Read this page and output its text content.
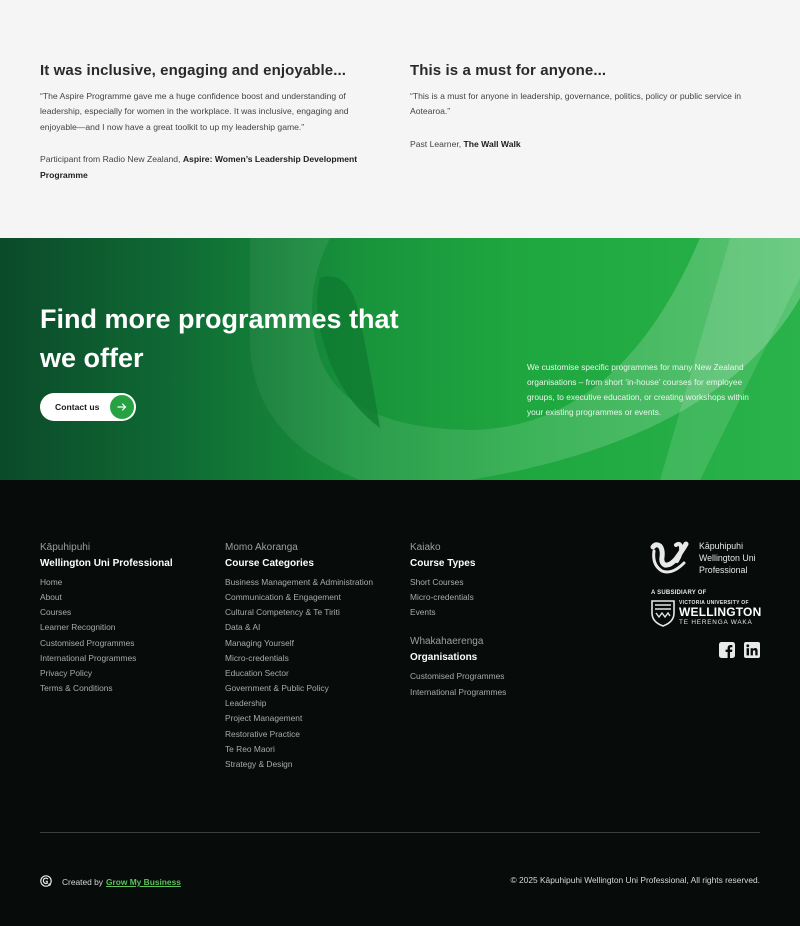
It was inclusive, engaging and enjoyable...

“The Aspire Programme gave me a huge confidence boost and understanding of leadership, especially for women in the workplace. It was inclusive, engaging and enjoyable—and I now have a great toolkit to up my leadership game.”

Participant from Radio New Zealand, Aspire: Women’s Leadership Development Programme

This is a must for anyone...

“This is a must for anyone in leadership, governance, politics, policy or public service in Aotearoa.”

Past Learner, The Wall Walk

Find more programmes that we offer
Contact us

We customise specific programmes for many New Zealand organisations – from short ‘in-house’ courses for employee groups, to executive education, or creating workshops within your existing programmes or events.

Kāpuhipuhi
Wellington Uni Professional
Home
About
Courses
Learner Recognition
Customised Programmes
International Programmes
Privacy Policy
Terms & Conditions
Momo Akoranga
Course Categories
Business Management & Administration
Communication & Engagement
Cultural Competency & Te Tiriti
Data & AI
Managing Yourself
Micro-credentials
Education Sector
Government & Public Policy
Leadership
Project Management
Restorative Practice
Te Reo Maori
Strategy & Design
Kaiako
Course Types
Short Courses
Micro-credentials
Events
Whakahaerenga
Organisations
Customised Programmes
International Programmes
Kāpuhipuhi
Wellington Uni
Professional
A SUBSIDIARY OF
VICTORIA UNIVERSITY OF
WELLINGTON
TE HERENGA WAKA
Created by Grow My Business	© 2025 Kāpuhipuhi Wellington Uni Professional, All rights reserved.
